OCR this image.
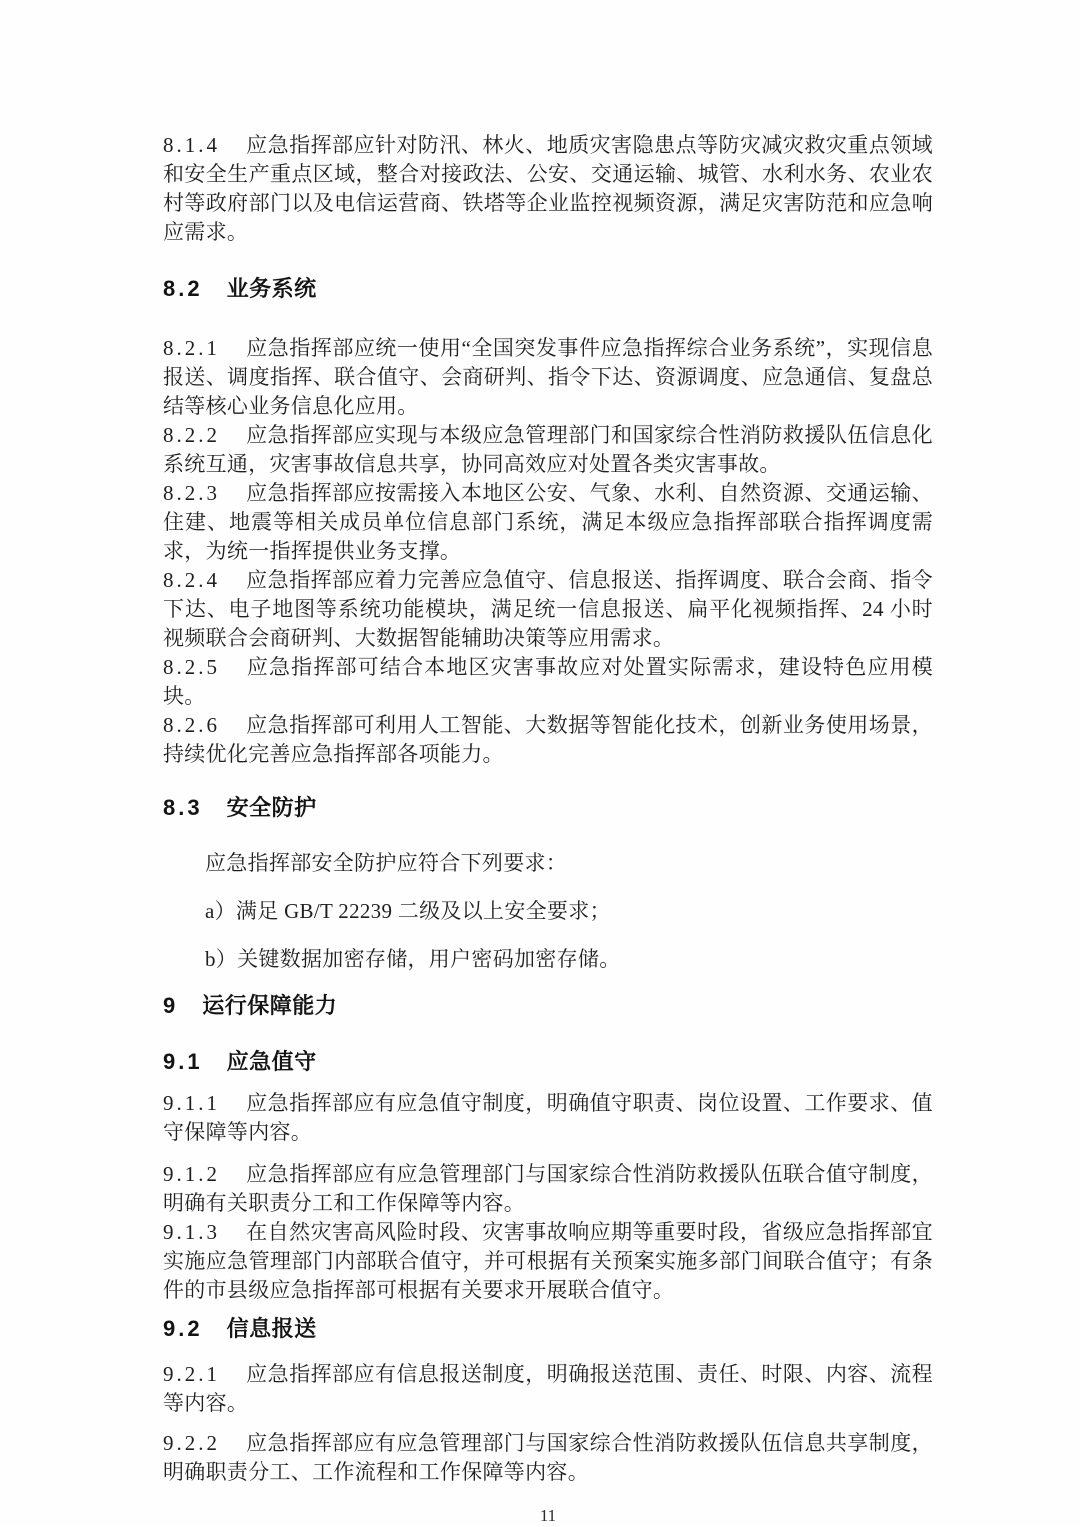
8.1.4 应急指挥部应针对防汛、林火、地质灾害隐患点等防灾减灾救灾重点领域和安全生产重点区域，整合对接政法、公安、交通运输、城管、水利水务、农业农村等政府部门以及电信运营商、铁塔等企业监控视频资源，满足灾害防范和应急响应需求。

8.2 业务系统

8.2.1 应急指挥部应统一使用“全国突发事件应急指挥综合业务系统”，实现信息报送、调度指挥、联合值守、会商研判、指令下达、资源调度、应急通信、复盘总结等核心业务信息化应用。

8.2.2 应急指挥部应实现与本级应急管理部门和国家综合性消防救援队伍信息化系统互通，灾害事故信息共享，协同高效应对处置各类灾害事故。

8.2.3 应急指挥部应按需接入本地区公安、气象、水利、自然资源、交通运输、住建、地震等相关成员单位信息部门系统，满足本级应急指挥部联合指挥调度需求，为统一指挥提供业务支撑。

8.2.4 应急指挥部应着力完善应急值守、信息报送、指挥调度、联合会商、指令下达、电子地图等系统功能模块，满足统一信息报送、扁平化视频指挥、24 小时视频联合会商研判、大数据智能辅助决策等应用需求。

8.2.5 应急指挥部可结合本地区灾害事故应对处置实际需求，建设特色应用模块。

8.2.6 应急指挥部可利用人工智能、大数据等智能化技术，创新业务使用场景，持续优化完善应急指挥部各项能力。

8.3 安全防护

应急指挥部安全防护应符合下列要求：

a）满足 GB/T 22239 二级及以上安全要求；

b）关键数据加密存储，用户密码加密存储。

9 运行保障能力
9.1 应急值守

9.1.1 应急指挥部应有应急值守制度，明确值守职责、岗位设置、工作要求、值守保障等内容。

9.1.2 应急指挥部应有应急管理部门与国家综合性消防救援队伍联合值守制度，明确有关职责分工和工作保障等内容。

9.1.3 在自然灾害高风险时段、灾害事故响应期等重要时段，省级应急指挥部宜实施应急管理部门内部联合值守，并可根据有关预案实施多部门间联合值守；有条件的市县级应急指挥部可根据有关要求开展联合值守。

9.2 信息报送

9.2.1 应急指挥部应有信息报送制度，明确报送范围、责任、时限、内容、流程等内容。

9.2.2 应急指挥部应有应急管理部门与国家综合性消防救援队伍信息共享制度，明确职责分工、工作流程和工作保障等内容。

11
